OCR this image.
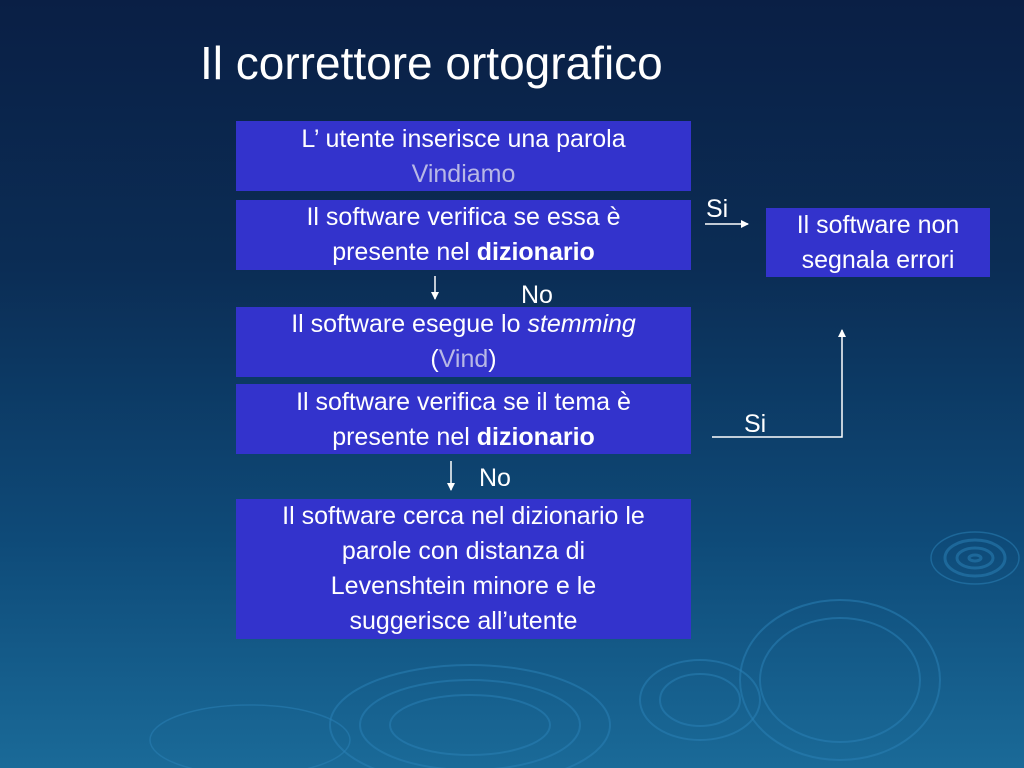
Il correttore ortografico
L’ utente inserisce una parola
Vindiamo
Il software verifica se essa è
presente nel dizionario
Il software esegue lo stemming
(Vind)
Il software verifica se il tema è
presente nel dizionario
Il software cerca nel dizionario le
parole con distanza di
Levenshtein minore e le
suggerisce all’utente
Il software non
segnala errori
Si
No
Si
No
